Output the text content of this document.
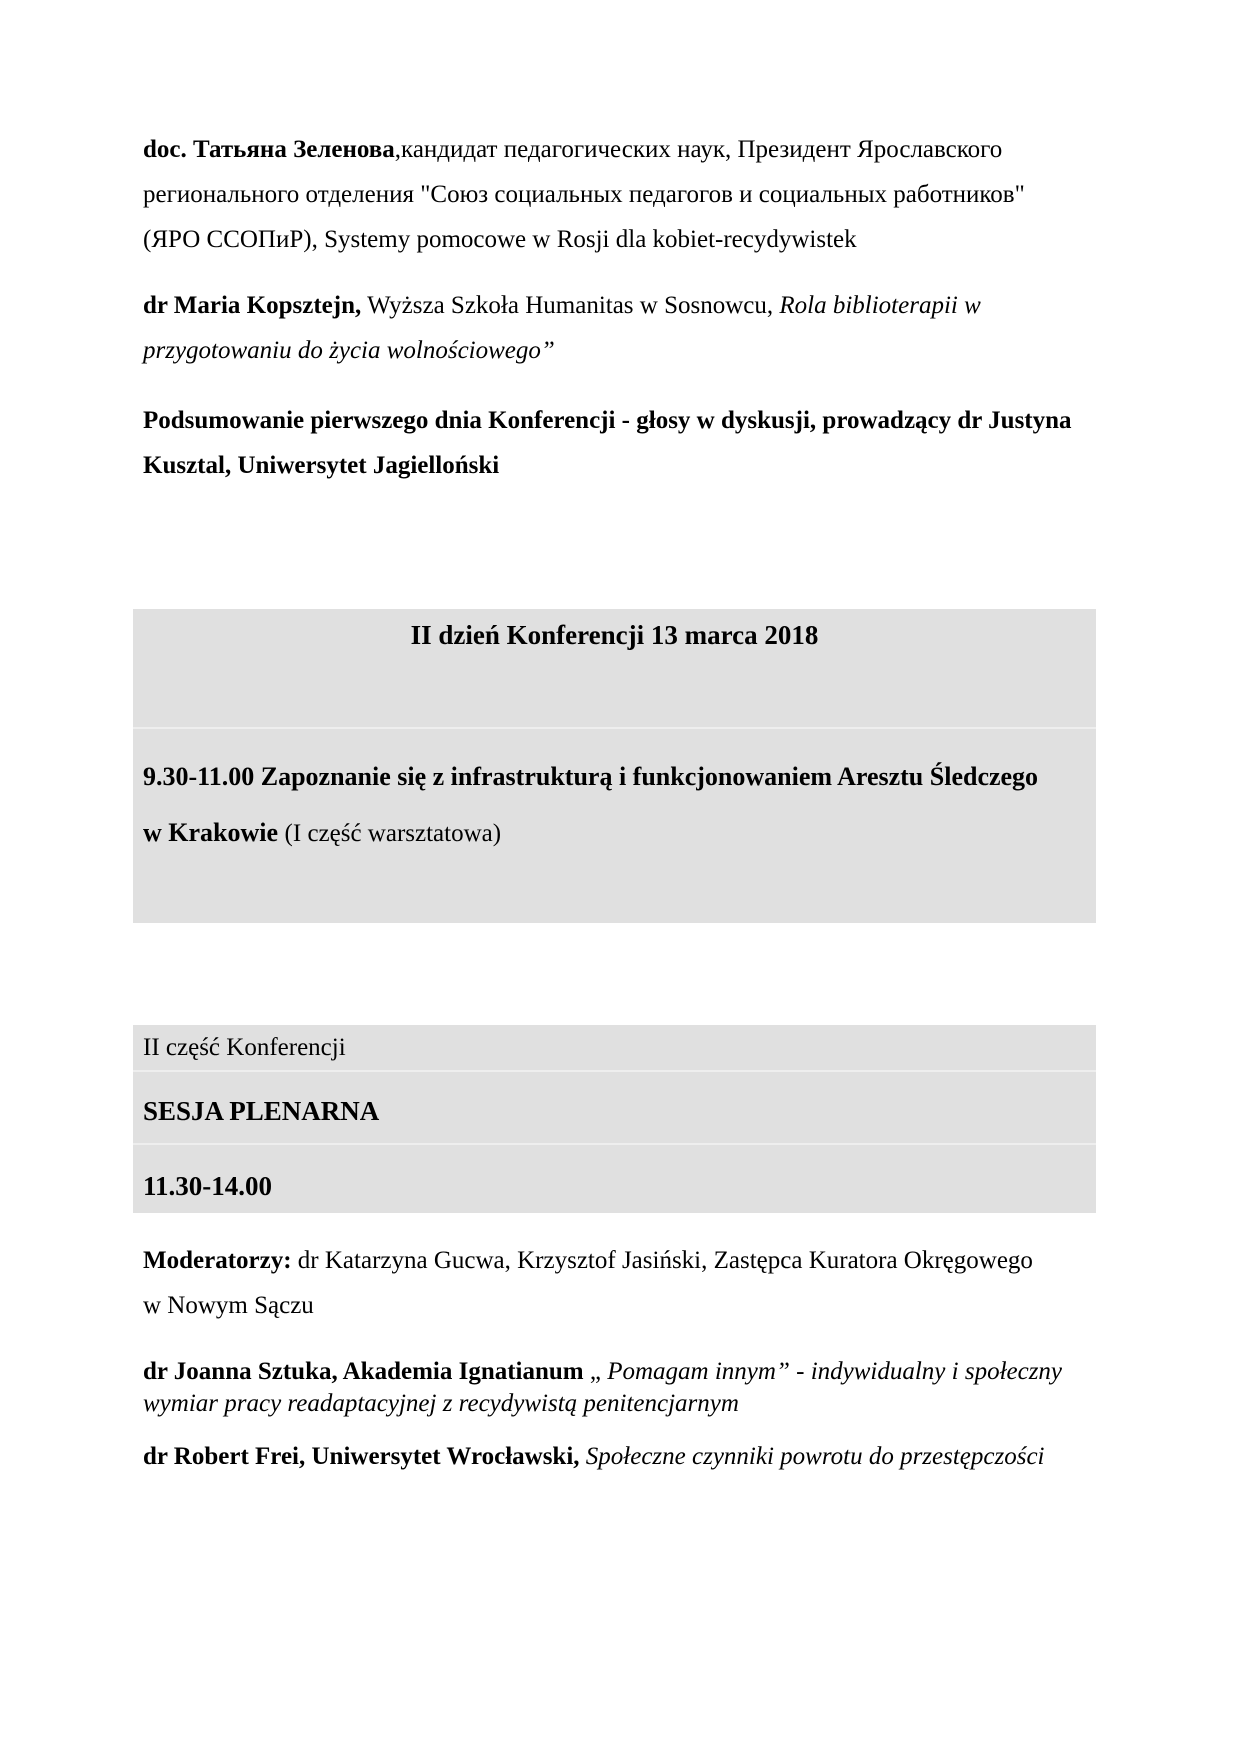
doc. Татьяна Зеленова,кандидат педагогических наук, Президент Ярославского
регионального отделения "Союз социальных педагогов и социальных работников"
(ЯРО ССОПиР), Systemy pomocowe w Rosji dla kobiet-recydywistek

dr Maria Kopsztejn, Wyższa Szkoła Humanitas w Sosnowcu, Rola biblioterapii w
przygotowaniu do życia wolnościowego”

Podsumowanie pierwszego dnia Konferencji - głosy w dyskusji, prowadzący dr Justyna
Kusztal, Uniwersytet Jagielloński

II dzień Konferencji 13 marca 2018
9.30-11.00 Zapoznanie się z infrastrukturą i funkcjonowaniem Aresztu Śledczego
w Krakowie (I część warsztatowa)
II część Konferencji
SESJA PLENARNA
11.30-14.00

Moderatorzy: dr Katarzyna Gucwa, Krzysztof Jasiński, Zastępca Kuratora Okręgowego
w Nowym Sączu

dr Joanna Sztuka, Akademia Ignatianum „ Pomagam innym” - indywidualny i społeczny
wymiar pracy readaptacyjnej z recydywistą penitencjarnym

dr Robert Frei, Uniwersytet Wrocławski, Społeczne czynniki powrotu do przestępczości
